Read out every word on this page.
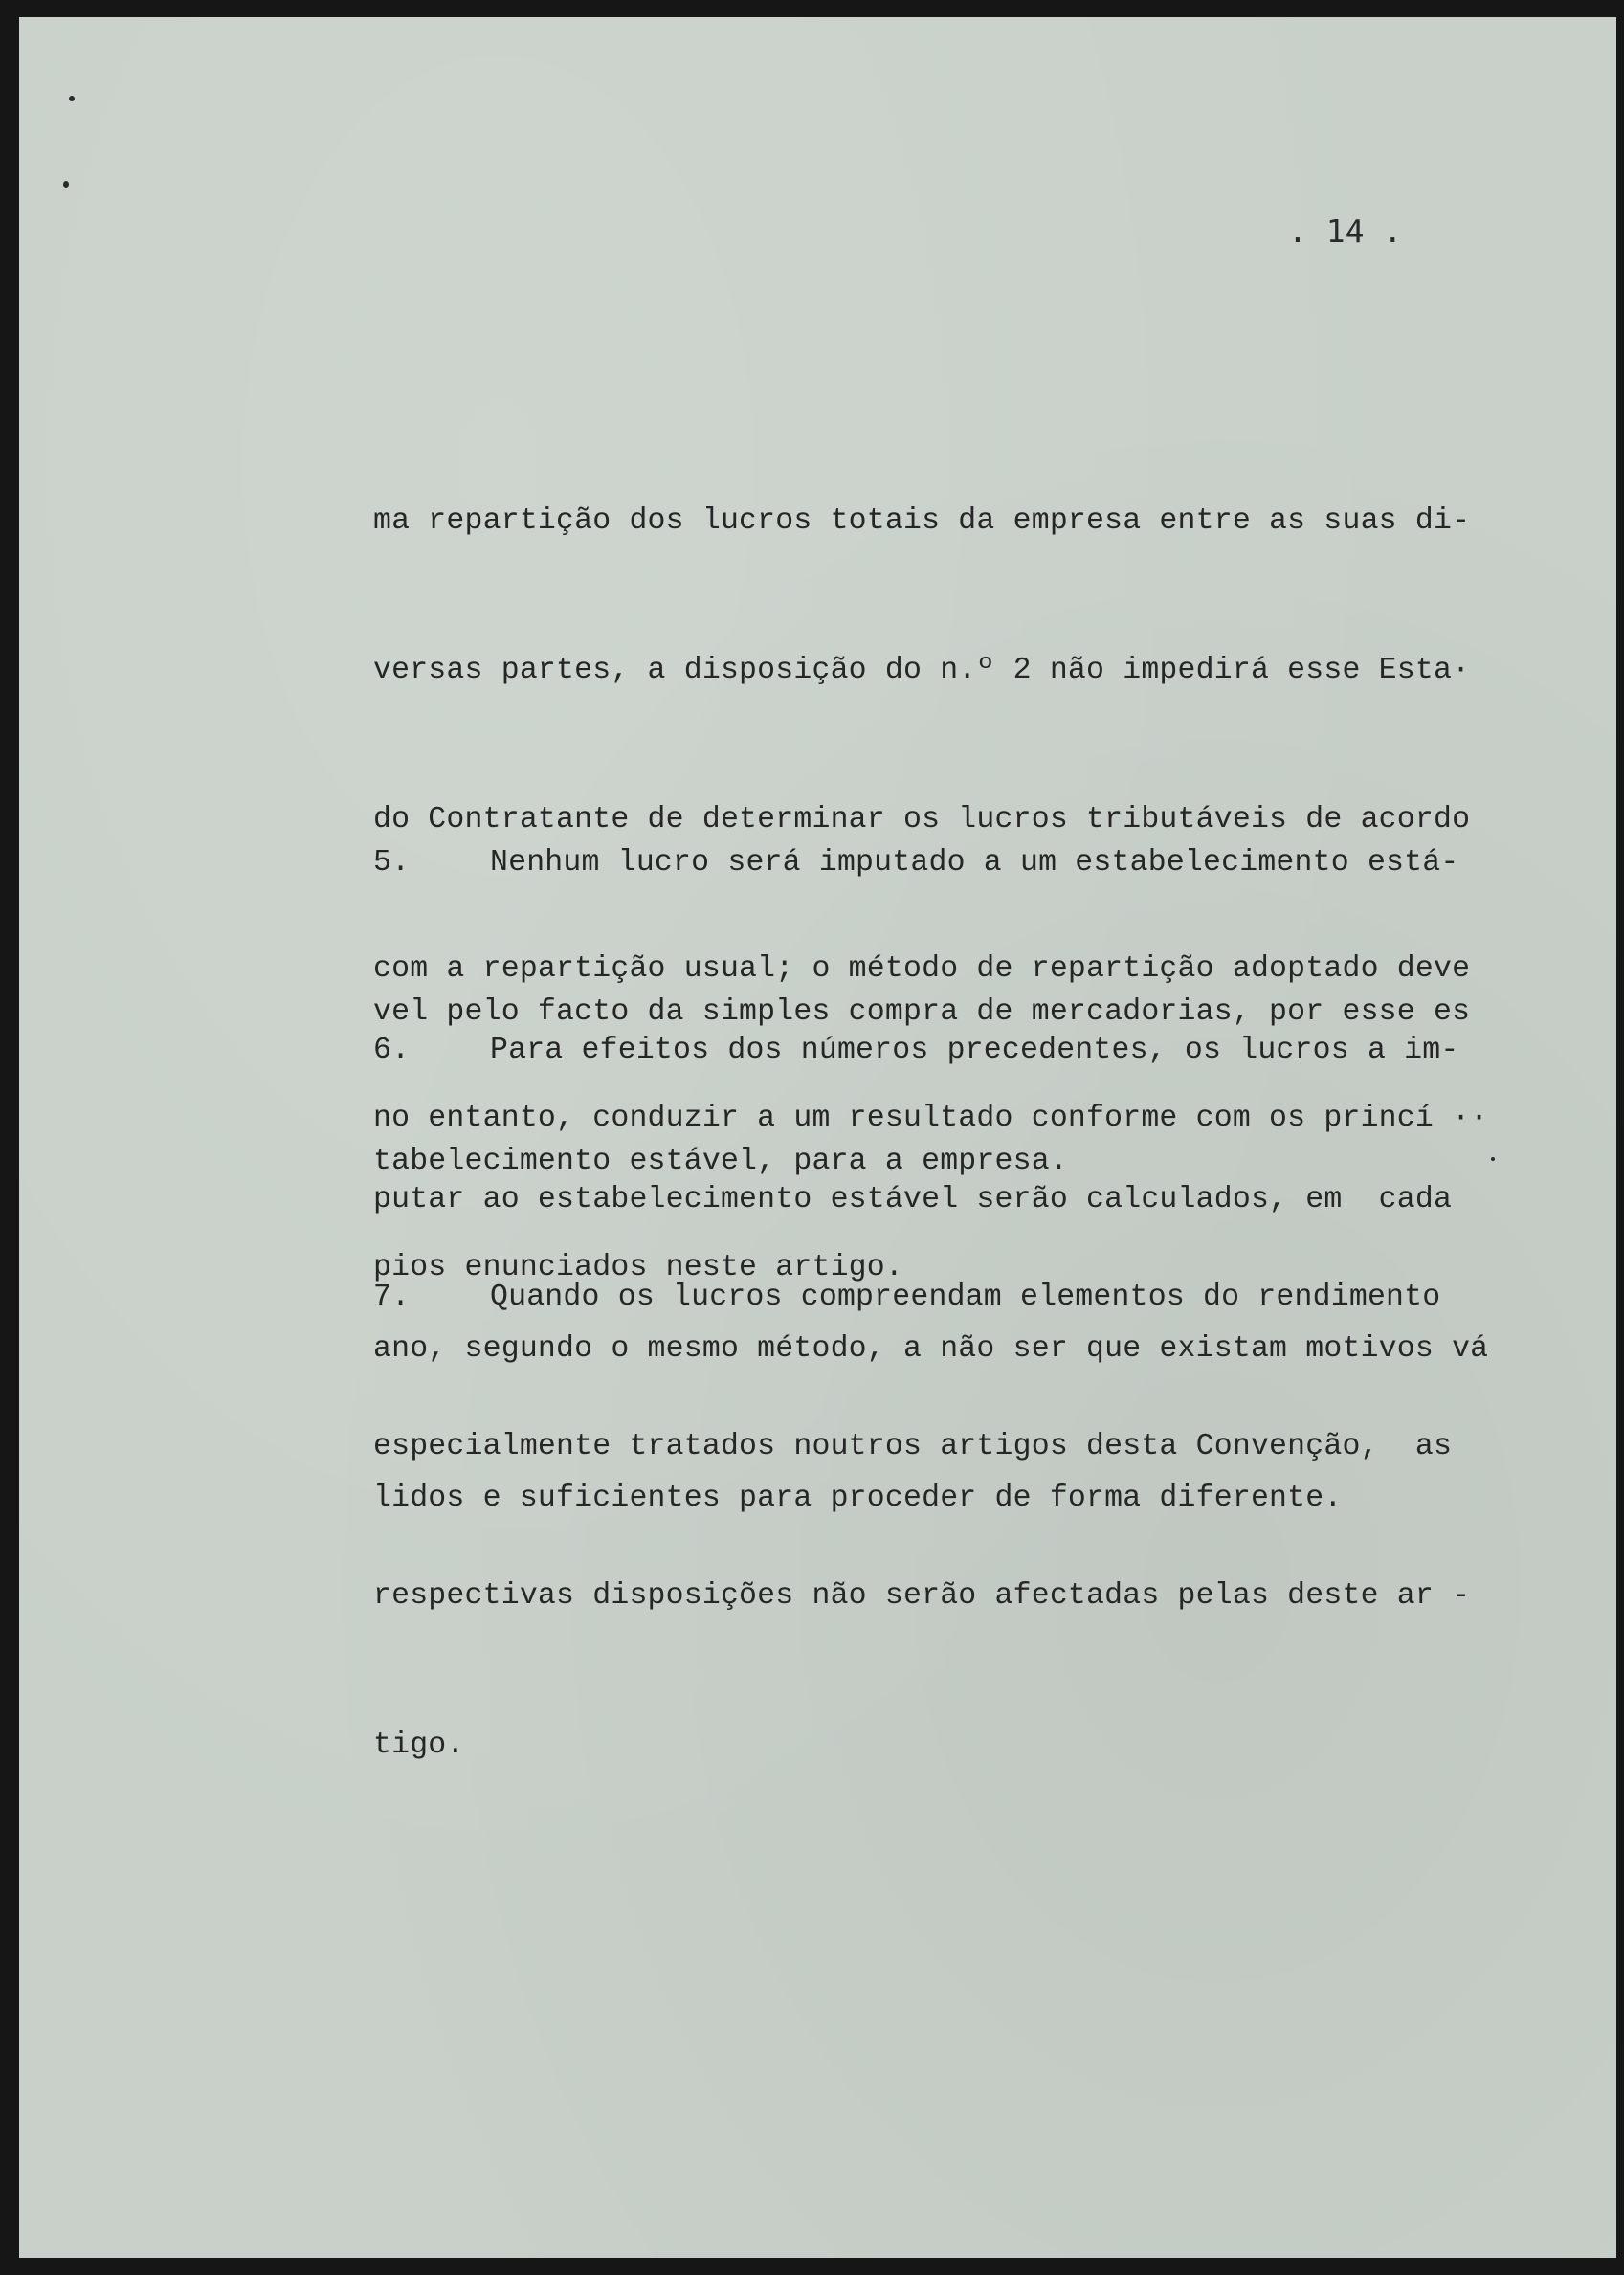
. 14 .

ma repartição dos lucros totais da empresa entre as suas di-

versas partes, a disposição do n.º 2 não impedirá esse Esta·

do Contratante de determinar os lucros tributáveis de acordo

com a repartição usual; o método de repartição adoptado deve

no entanto, conduzir a um resultado conforme com os princí ··

pios enunciados neste artigo.

5.	Nenhum lucro será imputado a um estabelecimento está-

vel pelo facto da simples compra de mercadorias, por esse es

tabelecimento estável, para a empresa.

6.	Para efeitos dos números precedentes, os lucros a im-

putar ao estabelecimento estável serão calculados, em  cada

ano, segundo o mesmo método, a não ser que existam motivos vá

lidos e suficientes para proceder de forma diferente.

7.	Quando os lucros compreendam elementos do rendimento

especialmente tratados noutros artigos desta Convenção,  as

respectivas disposições não serão afectadas pelas deste ar -

tigo.
